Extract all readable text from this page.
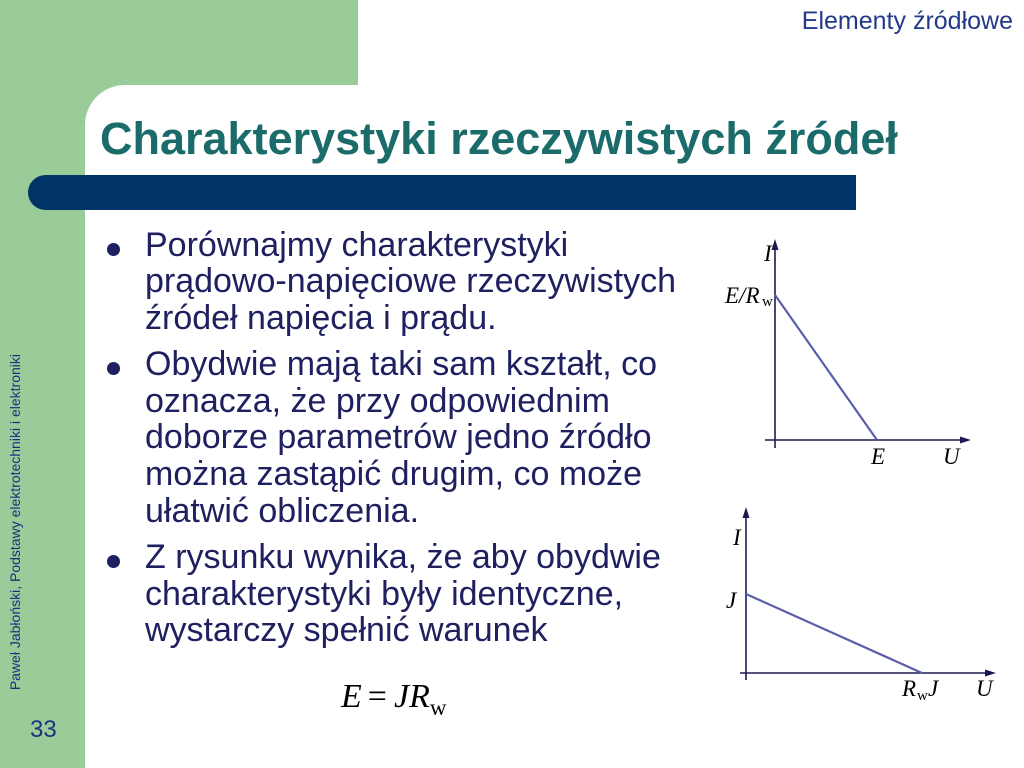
Elementy źródłowe
Charakterystyki rzeczywistych źródeł
Paweł Jabłoński, Podstawy elektrotechniki i elektroniki
33
Porównajmy charakterystyki
prądowo-napięciowe rzeczywistych
źródeł napięcia i prądu.
Obydwie mają taki sam kształt, co
oznacza, że przy odpowiednim
doborze parametrów jedno źródło
można zastąpić drugim, co może
ułatwić obliczenia.
Z rysunku wynika, że aby obydwie
charakterystyki były identyczne,
wystarczy spełnić warunek
$E = JR_w$
I
E/R w
E	U
I
J
R w J U
